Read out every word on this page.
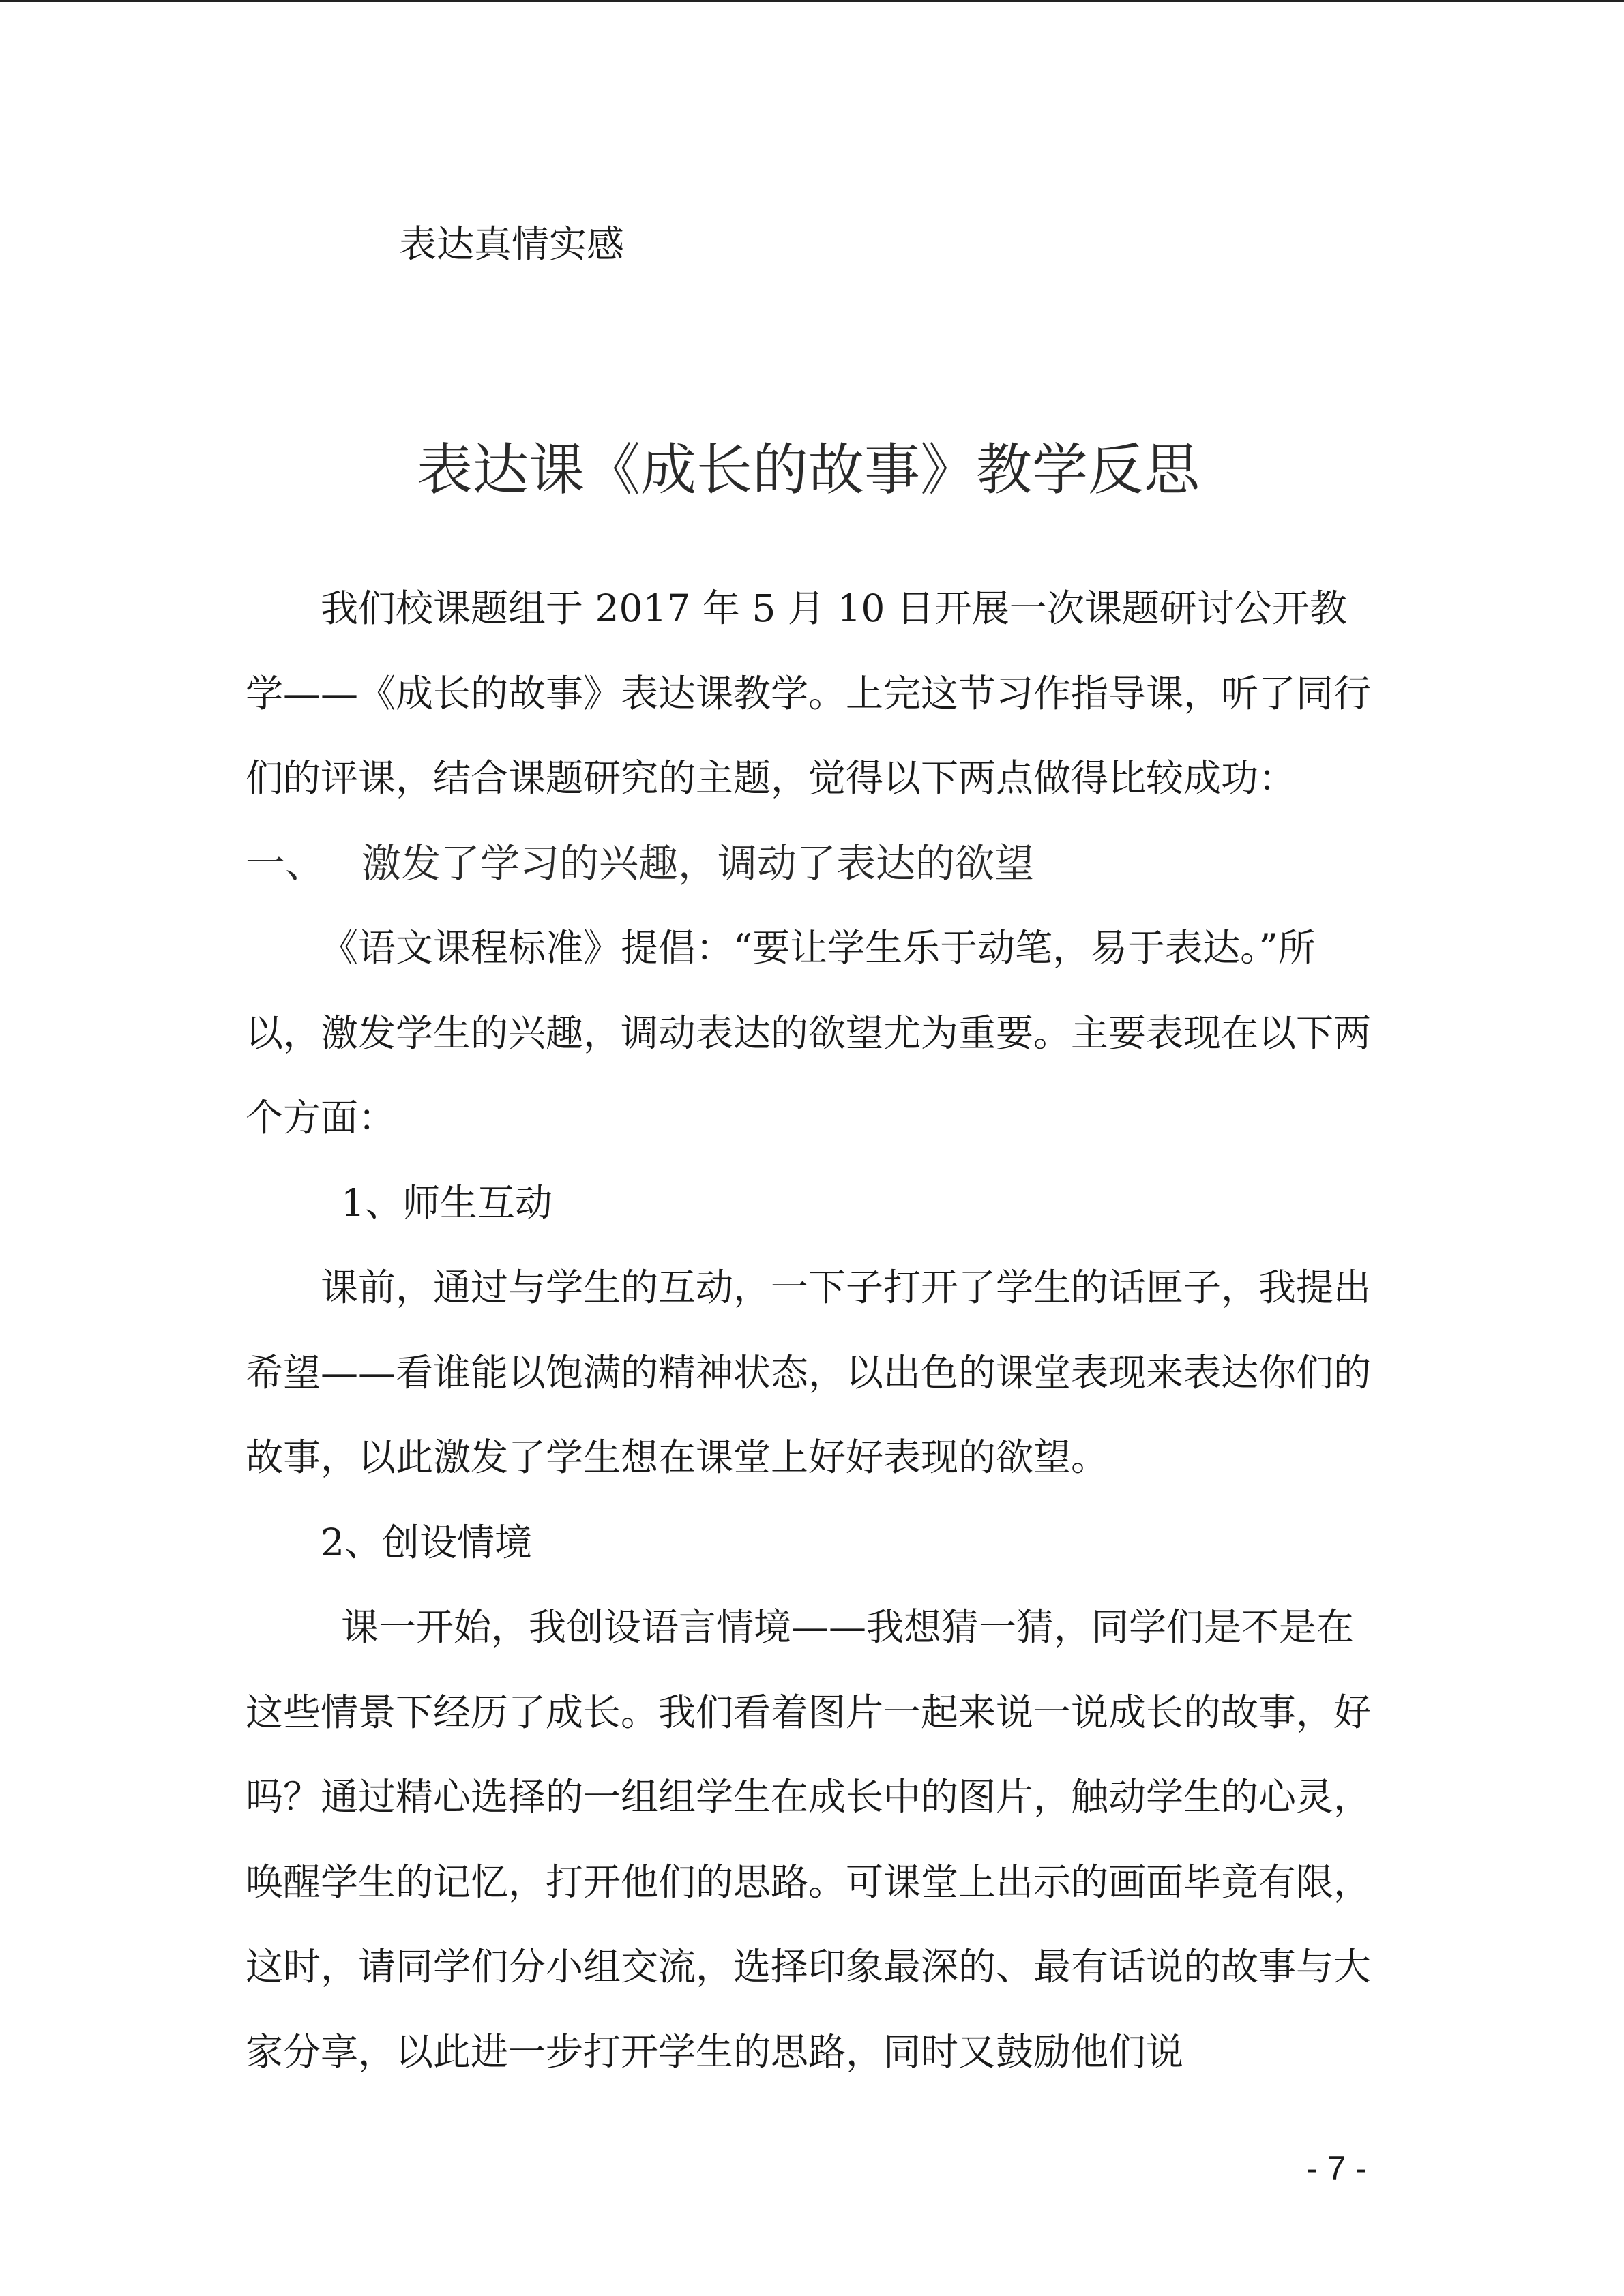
表达真情实感
表达课《成长的故事》教学反思

我们校课题组于 2017 年 5 月 10 日开展一次课题研讨公开教学——《成长的故事》表达课教学。上完这节习作指导课，听了同行们的评课，结合课题研究的主题，觉得以下两点做得比较成功：

一、 激发了学习的兴趣，调动了表达的欲望

《语文课程标准》提倡：“要让学生乐于动笔，易于表达。”所以，激发学生的兴趣，调动表达的欲望尤为重要。主要表现在以下两个方面：

1、师生互动

课前，通过与学生的互动，一下子打开了学生的话匣子，我提出希望——看谁能以饱满的精神状态，以出色的课堂表现来表达你们的故事，以此激发了学生想在课堂上好好表现的欲望。

2、创设情境

课一开始，我创设语言情境——我想猜一猜，同学们是不是在这些情景下经历了成长。我们看着图片一起来说一说成长的故事，好吗？通过精心选择的一组组学生在成长中的图片，触动学生的心灵，唤醒学生的记忆，打开他们的思路。可课堂上出示的画面毕竟有限，这时，请同学们分小组交流，选择印象最深的、最有话说的故事与大家分享，以此进一步打开学生的思路，同时又鼓励他们说

- 7 -
